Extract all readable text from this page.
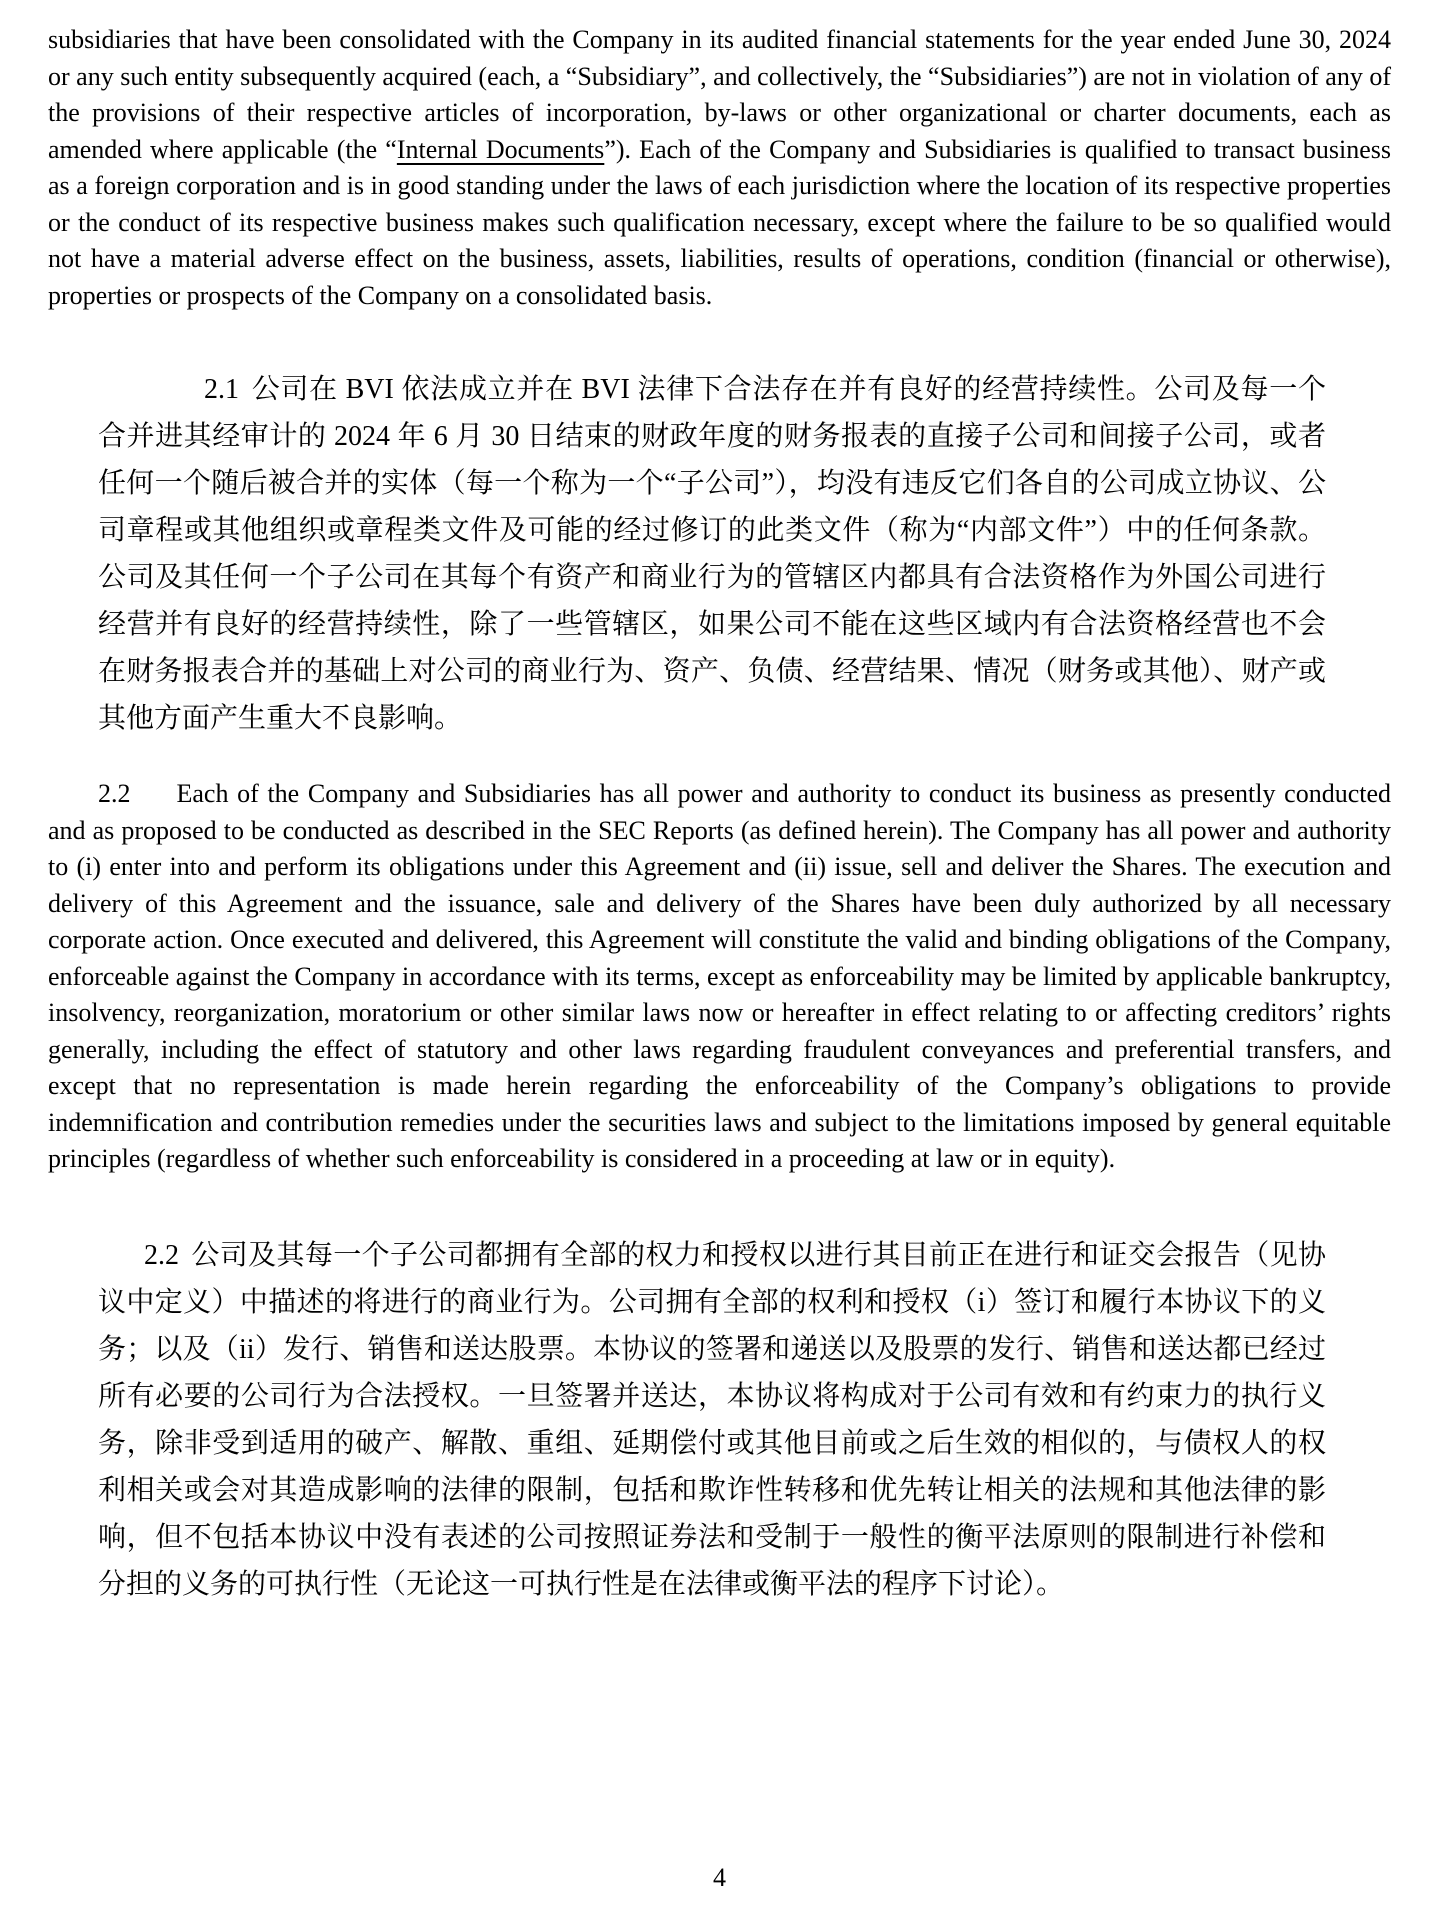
subsidiaries that have been consolidated with the Company in its audited financial statements for the year ended June 30, 2024 or any such entity subsequently acquired (each, a “Subsidiary”, and collectively, the “Subsidiaries”) are not in violation of any of the provisions of their respective articles of incorporation, by-laws or other organizational or charter documents, each as amended where applicable (the “Internal Documents”). Each of the Company and Subsidiaries is qualified to transact business as a foreign corporation and is in good standing under the laws of each jurisdiction where the location of its respective properties or the conduct of its respective business makes such qualification necessary, except where the failure to be so qualified would not have a material adverse effect on the business, assets, liabilities, results of operations, condition (financial or otherwise), properties or prospects of the Company on a consolidated basis.

2.1 公司在 BVI 依法成立并在 BVI 法律下合法存在并有良好的经营持续性。公司及每一个合并进其经审计的 2024 年 6 月 30 日结束的财政年度的财务报表的直接子公司和间接子公司，或者任何一个随后被合并的实体（每一个称为一个“子公司”），均没有违反它们各自的公司成立协议、公司章程或其他组织或章程类文件及可能的经过修订的此类文件（称为“内部文件”）中的任何条款。公司及其任何一个子公司在其每个有资产和商业行为的管辖区内都具有合法资格作为外国公司进行经营并有良好的经营持续性，除了一些管辖区，如果公司不能在这些区域内有合法资格经营也不会在财务报表合并的基础上对公司的商业行为、资产、负债、经营结果、情况（财务或其他）、财产或其他方面产生重大不良影响。

2.2 Each of the Company and Subsidiaries has all power and authority to conduct its business as presently conducted and as proposed to be conducted as described in the SEC Reports (as defined herein). The Company has all power and authority to (i) enter into and perform its obligations under this Agreement and (ii) issue, sell and deliver the Shares. The execution and delivery of this Agreement and the issuance, sale and delivery of the Shares have been duly authorized by all necessary corporate action. Once executed and delivered, this Agreement will constitute the valid and binding obligations of the Company, enforceable against the Company in accordance with its terms, except as enforceability may be limited by applicable bankruptcy, insolvency, reorganization, moratorium or other similar laws now or hereafter in effect relating to or affecting creditors’ rights generally, including the effect of statutory and other laws regarding fraudulent conveyances and preferential transfers, and except that no representation is made herein regarding the enforceability of the Company’s obligations to provide indemnification and contribution remedies under the securities laws and subject to the limitations imposed by general equitable principles (regardless of whether such enforceability is considered in a proceeding at law or in equity).

2.2 公司及其每一个子公司都拥有全部的权力和授权以进行其目前正在进行和证交会报告（见协议中定义）中描述的将进行的商业行为。公司拥有全部的权利和授权（i）签订和履行本协议下的义务；以及（ii）发行、销售和送达股票。本协议的签署和递送以及股票的发行、销售和送达都已经过所有必要的公司行为合法授权。一旦签署并送达，本协议将构成对于公司有效和有约束力的执行义务，除非受到适用的破产、解散、重组、延期偿付或其他目前或之后生效的相似的，与债权人的权利相关或会对其造成影响的法律的限制，包括和欺诈性转移和优先转让相关的法规和其他法律的影响，但不包括本协议中没有表述的公司按照证券法和受制于一般性的衡平法原则的限制进行补偿和分担的义务的可执行性（无论这一可执行性是在法律或衡平法的程序下讨论）。

4
